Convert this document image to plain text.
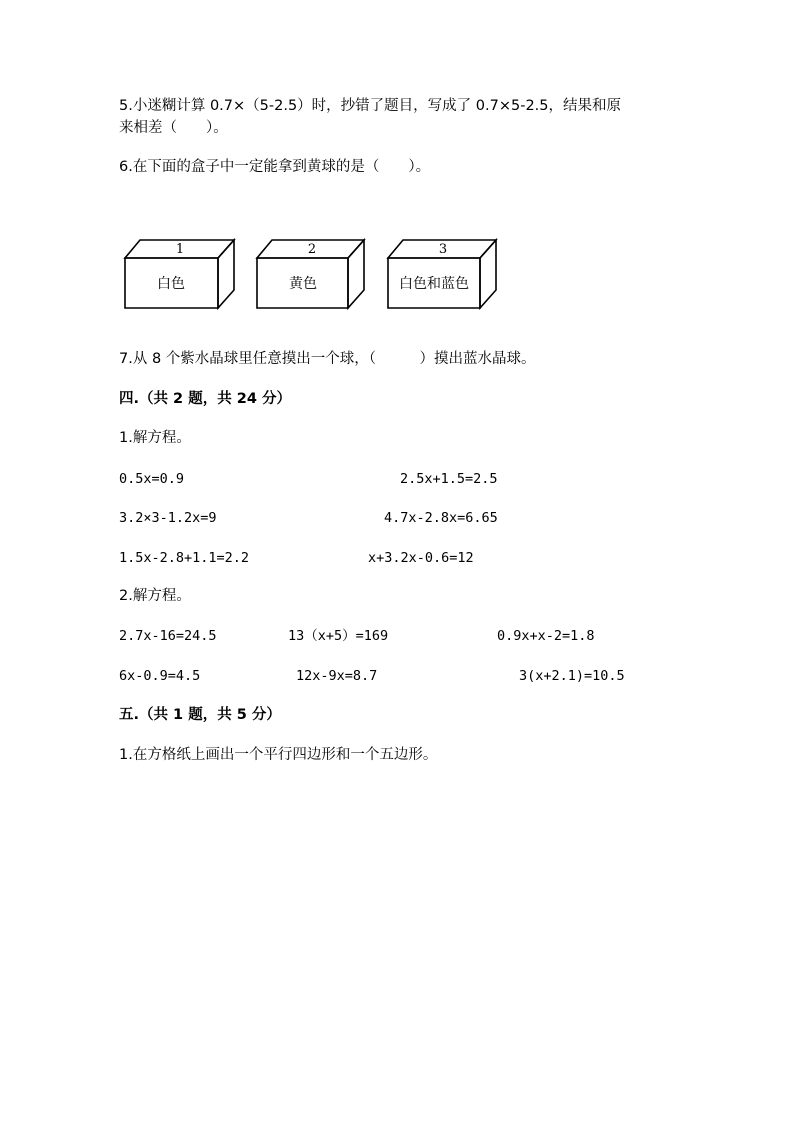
5.小迷糊计算 0.7×（5-2.5）时，抄错了题目，写成了 0.7×5-2.5，结果和原
来相差（　　）。
6.在下面的盒子中一定能拿到黄球的是（　　）。
1	2	3
白色	黄色	白色和蓝色
7.从 8 个紫水晶球里任意摸出一个球，（　　　）摸出蓝水晶球。
四.（共 2 题，共 24 分）
1.解方程。
0.5x=0.9	2.5x+1.5=2.5
3.2×3-1.2x=9	4.7x-2.8x=6.65
1.5x-2.8+1.1=2.2	x+3.2x-0.6=12
2.解方程。
2.7x-16=24.5	13（x+5）=169	0.9x+x-2=1.8
6x-0.9=4.5	12x-9x=8.7	3(x+2.1)=10.5
五.（共 1 题，共 5 分）
1.在方格纸上画出一个平行四边形和一个五边形。
